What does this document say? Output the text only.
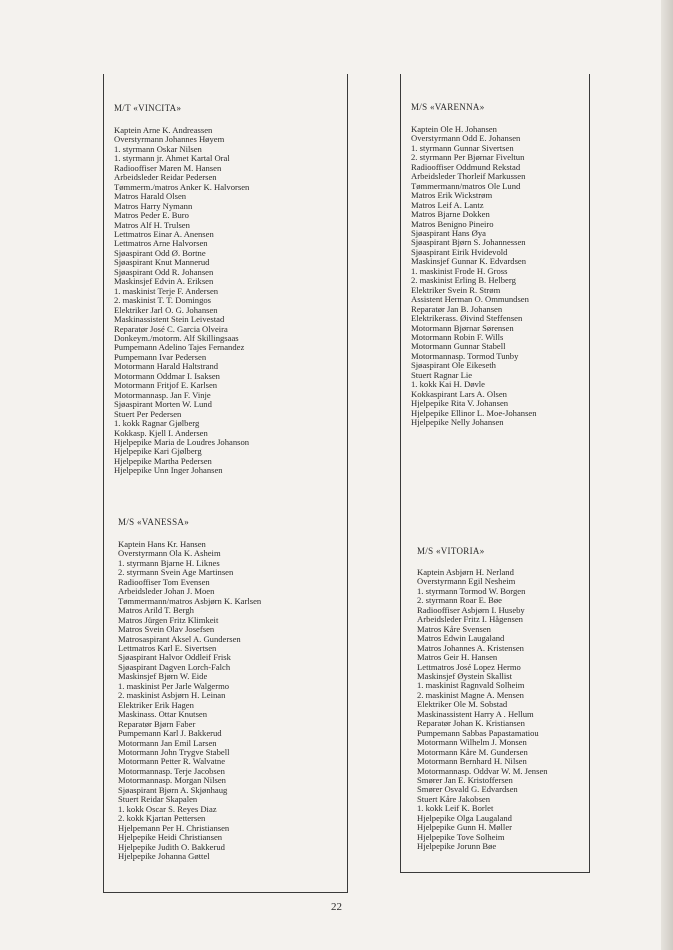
M/T «VINCITA»
Kaptein Arne K. Andreassen
Overstyrmann Johannes Høyem
1. styrmann Oskar Nilsen
1. styrmann jr. Ahmet Kartal Oral
Radiooffiser Maren M. Hansen
Arbeidsleder Reidar Pedersen
Tømmerm./matros Anker K. Halvorsen
Matros Harald Olsen
Matros Harry Nymann
Matros Peder E. Buro
Matros Alf H. Trulsen
Lettmatros Einar A. Anensen
Lettmatros Arne Halvorsen
Sjøaspirant Odd Ø. Bortne
Sjøaspirant Knut Mannerud
Sjøaspirant Odd R. Johansen
Maskinsjef Edvin A. Eriksen
1. maskinist Terje F. Andersen
2. maskinist T. T. Domingos
Elektriker Jarl O. G. Johansen
Maskinassistent Stein Leivestad
Reparatør José C. Garcia Olveira
Donkeym./motorm. Alf Skillingsaas
Pumpemann Adelino Tajes Fernandez
Pumpemann Ivar Pedersen
Motormann Harald Haltstrand
Motormann Oddmar I. Isaksen
Motormann Fritjof E. Karlsen
Motormannasp. Jan F. Vinje
Sjøaspirant Morten W. Lund
Stuert Per Pedersen
1. kokk Ragnar Gjølberg
Kokkasp. Kjell I. Andersen
Hjelpepike Maria de Loudres Johanson
Hjelpepike Kari Gjølberg
Hjelpepike Martha Pedersen
Hjelpepike Unn Inger Johansen
M/S «VANESSA»
Kaptein Hans Kr. Hansen
Overstyrmann Ola K. Asheim
1. styrmann Bjarne H. Liknes
2. styrmann Svein Age Martinsen
Radiooffiser Tom Evensen
Arbeidsleder Johan J. Moen
Tømmermann/matros Asbjørn K. Karlsen
Matros Arild T. Bergh
Matros Jürgen Fritz Klimkeit
Matros Svein Olav Josefsen
Matrosaspirant Aksel A. Gundersen
Lettmatros Karl E. Sivertsen
Sjøaspirant Halvor Oddleif Frisk
Sjøaspirant Dagven Lorch-Falch
Maskinsjef Bjørn W. Eide
1. maskinist Per Jarle Walgermo
2. maskinist Asbjørn H. Leinan
Elektriker Erik Hagen
Maskinass. Ottar Knutsen
Reparatør Bjørn Faber
Pumpemann Karl J. Bakkerud
Motormann Jan Emil Larsen
Motormann John Trygve Stabell
Motormann Petter R. Walvatne
Motormannasp. Terje Jacobsen
Motormannasp. Morgan Nilsen
Sjøaspirant Bjørn A. Skjønhaug
Stuert Reidar Skapalen
1. kokk Oscar S. Reyes Diaz
2. kokk Kjartan Pettersen
Hjelpemann Per H. Christiansen
Hjelpepike Heidi Christiansen
Hjelpepike Judith O. Bakkerud
Hjelpepike Johanna Gøttel
M/S «VARENNA»
Kaptein Ole H. Johansen
Overstyrmann Odd E. Johansen
1. styrmann Gunnar Sivertsen
2. styrmann Per Bjørnar Fiveltun
Radiooffiser Oddmund Rekstad
Arbeidsleder Thorleif Markussen
Tømmermann/matros Ole Lund
Matros Erik Wickstrøm
Matros Leif A. Lantz
Matros Bjarne Dokken
Matros Benigno Pineiro
Sjøaspirant Hans Øya
Sjøaspirant Bjørn S. Johannessen
Sjøaspirant Eirik Hvidevold
Maskinsjef Gunnar K. Edvardsen
1. maskinist Frode H. Gross
2. maskinist Erling B. Helberg
Elektriker Svein R. Strøm
Assistent Herman O. Ommundsen
Reparatør Jan B. Johansen
Elektrikerass. Øivind Steffensen
Motormann Bjørnar Sørensen
Motormann Robin F. Wills
Motormann Gunnar Stabell
Motormannasp. Tormod Tunby
Sjøaspirant Ole Eikeseth
Stuert Ragnar Lie
1. kokk Kai H. Døvle
Kokkaspirant Lars A. Olsen
Hjelpepike Rita V. Johansen
Hjelpepike Ellinor L. Moe-Johansen
Hjelpepike Nelly Johansen
M/S «VITORIA»
Kaptein Asbjørn H. Nerland
Overstyrmann Egil Nesheim
1. styrmann Tormod W. Borgen
2. styrmann Roar E. Bøe
Radiooffiser Asbjørn I. Huseby
Arbeidsleder Fritz I. Hågensen
Matros Kåre Svensen
Matros Edwin Laugaland
Matros Johannes A. Kristensen
Matros Geir H. Hansen
Lettmatros José Lopez Hermo
Maskinsjef Øystein Skallist
1. maskinist Ragnvald Solheim
2. maskinist Magne A. Mensen
Elektriker Ole M. Sobstad
Maskinassistent Harry A . Hellum
Reparatør Johan K. Kristiansen
Pumpemann Sabbas Papastamatiou
Motormann Wilhelm J. Monsen
Motormann Kåre M. Gundersen
Motormann Bernhard H. Nilsen
Motormannasp. Oddvar W. M. Jensen
Smører Jan E. Kristoffersen
Smører Osvald G. Edvardsen
Stuert Kåre Jakobsen
1. kokk Leif K. Borlet
Hjelpepike Olga Laugaland
Hjelpepike Gunn H. Møller
Hjelpepike Tove Solheim
Hjelpepike Jorunn Bøe
22
